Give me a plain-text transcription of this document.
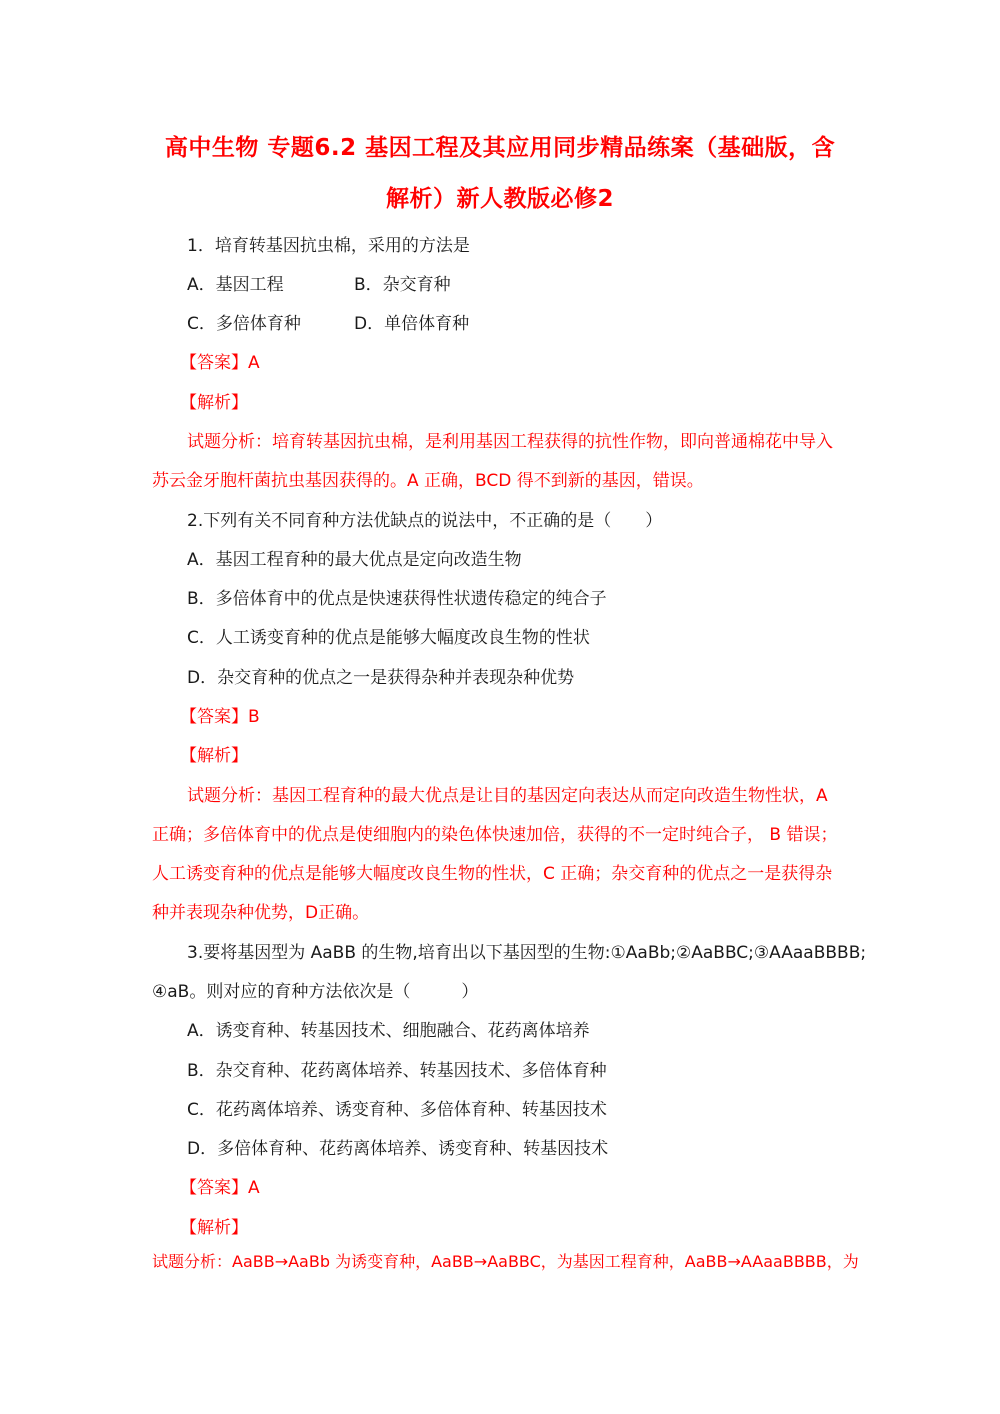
高中生物 专题6.2 基因工程及其应用同步精品练案（基础版，含
解析）新人教版必修2
1．培育转基因抗虫棉，采用的方法是
A．基因工程	B．杂交育种
C．多倍体育种	D．单倍体育种
【答案】A
【解析】
试题分析：培育转基因抗虫棉，是利用基因工程获得的抗性作物，即向普通棉花中导入
苏云金牙胞杆菌抗虫基因获得的。A 正确，BCD 得不到新的基因，错误。
2.下列有关不同育种方法优缺点的说法中，不正确的是（　　）
A．基因工程育种的最大优点是定向改造生物
B．多倍体育中的优点是快速获得性状遗传稳定的纯合子
C．人工诱变育种的优点是能够大幅度改良生物的性状
D．杂交育种的优点之一是获得杂种并表现杂种优势
【答案】B
【解析】
试题分析：基因工程育种的最大优点是让目的基因定向表达从而定向改造生物性状，A
正确；多倍体育中的优点是使细胞内的染色体快速加倍，获得的不一定时纯合子， B 错误；
人工诱变育种的优点是能够大幅度改良生物的性状，C 正确；杂交育种的优点之一是获得杂
种并表现杂种优势，D正确。
3.要将基因型为 AaBB 的生物,培育出以下基因型的生物:①AaBb;②AaBBC;③AAaaBBBB;
④aB。则对应的育种方法依次是（　　　）
A．诱变育种、转基因技术、细胞融合、花药离体培养
B．杂交育种、花药离体培养、转基因技术、多倍体育种
C．花药离体培养、诱变育种、多倍体育种、转基因技术
D．多倍体育种、花药离体培养、诱变育种、转基因技术
【答案】A
【解析】
试题分析：AaBB→AaBb 为诱变育种，AaBB→AaBBC，为基因工程育种，AaBB→AAaaBBBB，为
